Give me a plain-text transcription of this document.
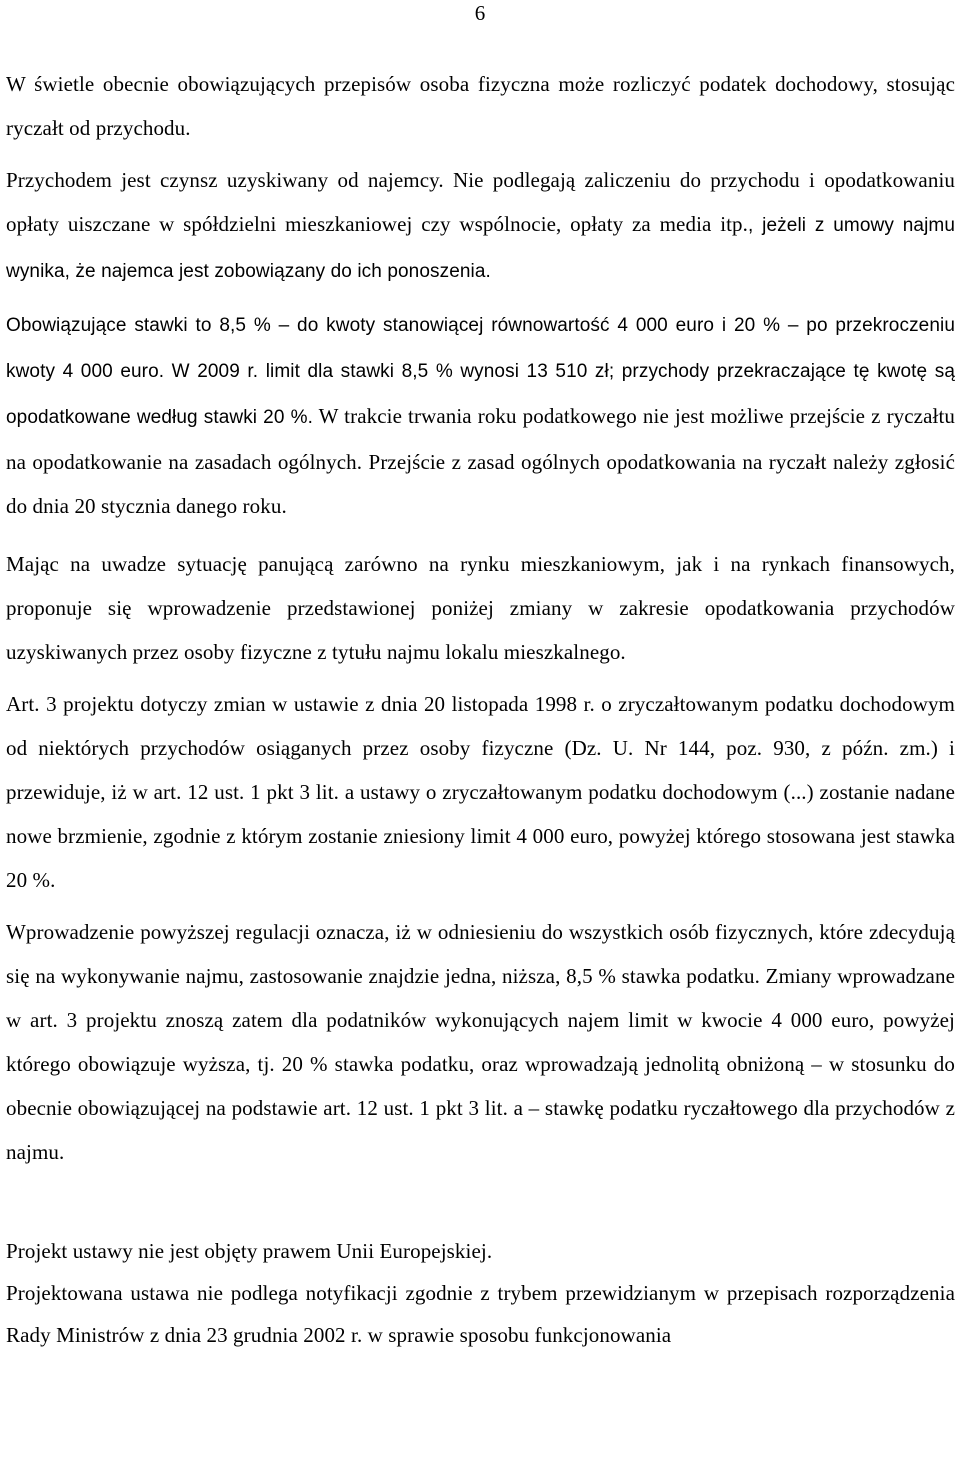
6

W świetle obecnie obowiązujących przepisów osoba fizyczna może rozliczyć podatek dochodowy, stosując ryczałt od przychodu.

Przychodem jest czynsz uzyskiwany od najemcy. Nie podlegają zaliczeniu do przychodu i opodatkowaniu opłaty uiszczane w spółdzielni mieszkaniowej czy wspólnocie, opłaty za media itp., jeżeli z umowy najmu wynika, że najemca jest zobowiązany do ich ponoszenia.

Obowiązujące stawki to 8,5 % – do kwoty stanowiącej równowartość 4 000 euro i 20 % – po przekroczeniu kwoty 4 000 euro. W 2009 r. limit dla stawki 8,5 % wynosi 13 510 zł; przychody przekraczające tę kwotę są opodatkowane według stawki 20 %. W trakcie trwania roku podatkowego nie jest możliwe przejście z ryczałtu na opodatkowanie na zasadach ogólnych. Przejście z zasad ogólnych opodatkowania na ryczałt należy zgłosić do dnia 20 stycznia danego roku.

Mając na uwadze sytuację panującą zarówno na rynku mieszkaniowym, jak i na rynkach finansowych, proponuje się wprowadzenie przedstawionej poniżej zmiany w zakresie opodatkowania przychodów uzyskiwanych przez osoby fizyczne z tytułu najmu lokalu mieszkalnego.

Art. 3 projektu dotyczy zmian w ustawie z dnia 20 listopada 1998 r. o zryczałtowanym podatku dochodowym od niektórych przychodów osiąganych przez osoby fizyczne (Dz. U. Nr 144, poz. 930, z późn. zm.) i przewiduje, iż w art. 12 ust. 1 pkt 3 lit. a ustawy o zryczałtowanym podatku dochodowym (...) zostanie nadane nowe brzmienie, zgodnie z którym zostanie zniesiony limit 4 000 euro, powyżej którego stosowana jest stawka 20 %.

Wprowadzenie powyższej regulacji oznacza, iż w odniesieniu do wszystkich osób fizycznych, które zdecydują się na wykonywanie najmu, zastosowanie znajdzie jedna, niższa, 8,5 % stawka podatku. Zmiany wprowadzane w art. 3 projektu znoszą zatem dla podatników wykonujących najem limit w kwocie 4 000 euro, powyżej którego obowiązuje wyższa, tj. 20 % stawka podatku, oraz wprowadzają jednolitą obniżoną – w stosunku do obecnie obowiązującej na podstawie art. 12 ust. 1 pkt 3 lit. a – stawkę podatku ryczałtowego dla przychodów z najmu.

Projekt ustawy nie jest objęty prawem Unii Europejskiej.

Projektowana ustawa nie podlega notyfikacji zgodnie z trybem przewidzianym w przepisach rozporządzenia Rady Ministrów z dnia 23 grudnia 2002 r. w sprawie sposobu funkcjonowania
